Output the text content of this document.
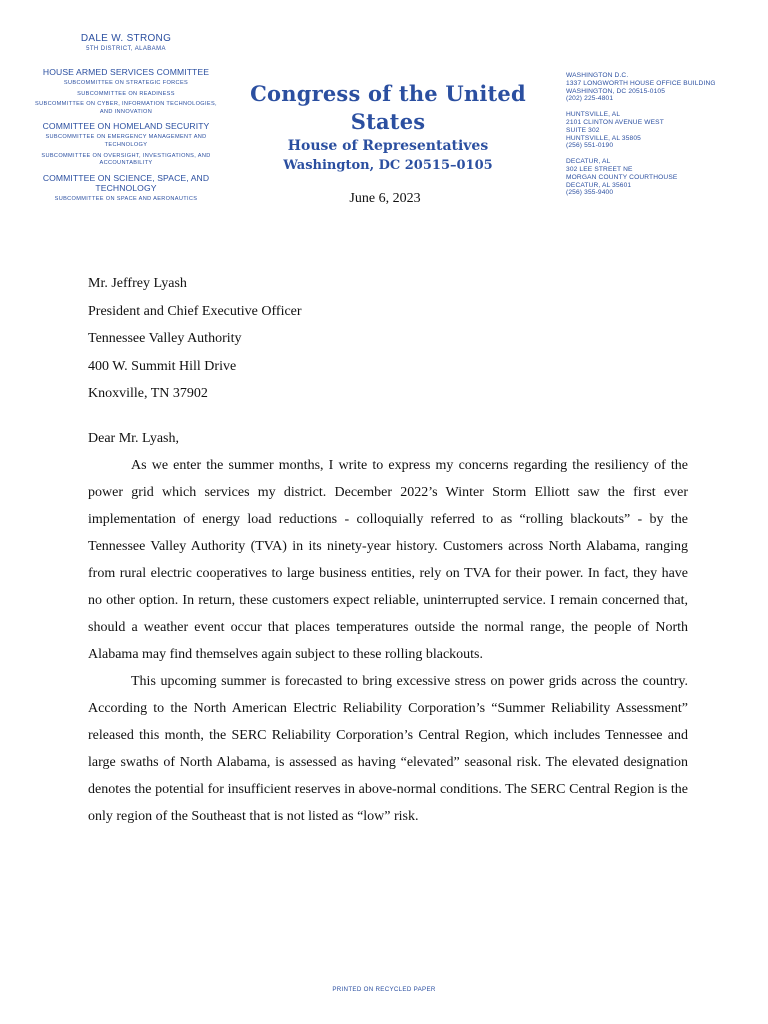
DALE W. STRONG
5TH DISTRICT, ALABAMA
HOUSE ARMED SERVICES COMMITTEE
SUBCOMMITTEE ON STRATEGIC FORCES
SUBCOMMITTEE ON READINESS
SUBCOMMITTEE ON CYBER, INFORMATION TECHNOLOGIES, AND INNOVATION
COMMITTEE ON HOMELAND SECURITY
SUBCOMMITTEE ON EMERGENCY MANAGEMENT AND TECHNOLOGY
SUBCOMMITTEE ON OVERSIGHT, INVESTIGATIONS, AND ACCOUNTABILITY
COMMITTEE ON SCIENCE, SPACE, AND TECHNOLOGY
SUBCOMMITTEE ON SPACE AND AERONAUTICS
Congress of the United States
House of Representatives
Washington, DC 20515–0105
WASHINGTON D.C.
1337 LONGWORTH HOUSE OFFICE BUILDING
WASHINGTON, DC 20515-0105
(202) 225-4801
HUNTSVILLE, AL
2101 CLINTON AVENUE WEST
SUITE 302
HUNTSVILLE, AL 35805
(256) 551-0190
DECATUR, AL
302 LEE STREET NE
MORGAN COUNTY COURTHOUSE
DECATUR, AL 35601
(256) 355-9400
June 6, 2023
Mr. Jeffrey Lyash
President and Chief Executive Officer
Tennessee Valley Authority
400 W. Summit Hill Drive
Knoxville, TN 37902
Dear Mr. Lyash,
As we enter the summer months, I write to express my concerns regarding the resiliency of the power grid which services my district. December 2022’s Winter Storm Elliott saw the first ever implementation of energy load reductions - colloquially referred to as “rolling blackouts” - by the Tennessee Valley Authority (TVA) in its ninety-year history. Customers across North Alabama, ranging from rural electric cooperatives to large business entities, rely on TVA for their power. In fact, they have no other option. In return, these customers expect reliable, uninterrupted service. I remain concerned that, should a weather event occur that places temperatures outside the normal range, the people of North Alabama may find themselves again subject to these rolling blackouts.
This upcoming summer is forecasted to bring excessive stress on power grids across the country. According to the North American Electric Reliability Corporation’s “Summer Reliability Assessment” released this month, the SERC Reliability Corporation’s Central Region, which includes Tennessee and large swaths of North Alabama, is assessed as having “elevated” seasonal risk. The elevated designation denotes the potential for insufficient reserves in above-normal conditions. The SERC Central Region is the only region of the Southeast that is not listed as “low” risk.
PRINTED ON RECYCLED PAPER
